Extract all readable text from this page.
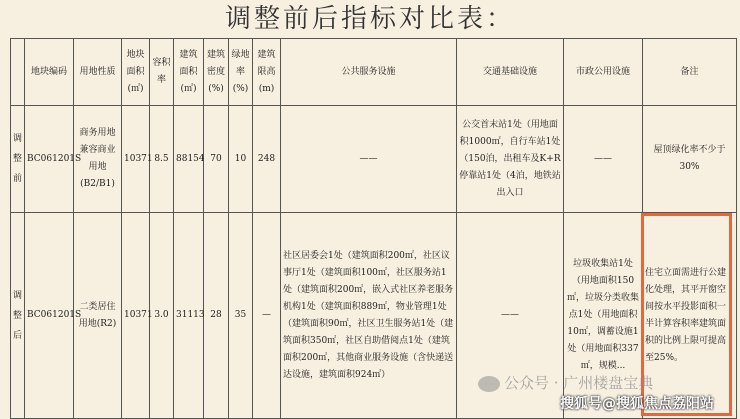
调整前后指标对比表：
	地块编码	用地性质	地块面积(㎡)	容积率	建筑面积(㎡)	建筑密度(%)	绿地率(%)	建筑限高(m)	公共服务设施	交通基础设施	市政公用设施	备注
调整前	BC061201S	商务用地兼容商业用地(B2/B1)	10371	8.5	88154	70	10	248	——	公交首末站1处（用地面积1000㎡，自行车站1处（150泊，出租车及K+R停靠站1处（4泊，地铁站出入口	——	屋顶绿化率不少于30%
调整后	BC061201S	二类居住用地(R2)	10371	3.0	31113	28	35	—	社区居委会1处（建筑面积200㎡，社区议事厅1处（建筑面积100㎡，社区服务站1处（建筑面积200㎡，嵌入式社区养老服务机构1处（建筑面积889㎡，物业管理1处（建筑面积90㎡，社区卫生服务站1处（建筑面积350㎡，社区自助借阅点1处（建筑面积200㎡，其他商业服务设施（含快递送达设施，建筑面积924㎡）	——	垃圾收集站1处（用地面积150㎡，垃圾分类收集点1处（用地面积10㎡，调蓄设施1处（用地面积337㎡，规模...	住宅立面需进行公建化处理，其平开窗空间按水平投影面积一半计算容积率建筑面积的比例上限可提高至25%。
公众号 · 广州楼盘宝典
搜狐号@搜狐焦点荔阳站
